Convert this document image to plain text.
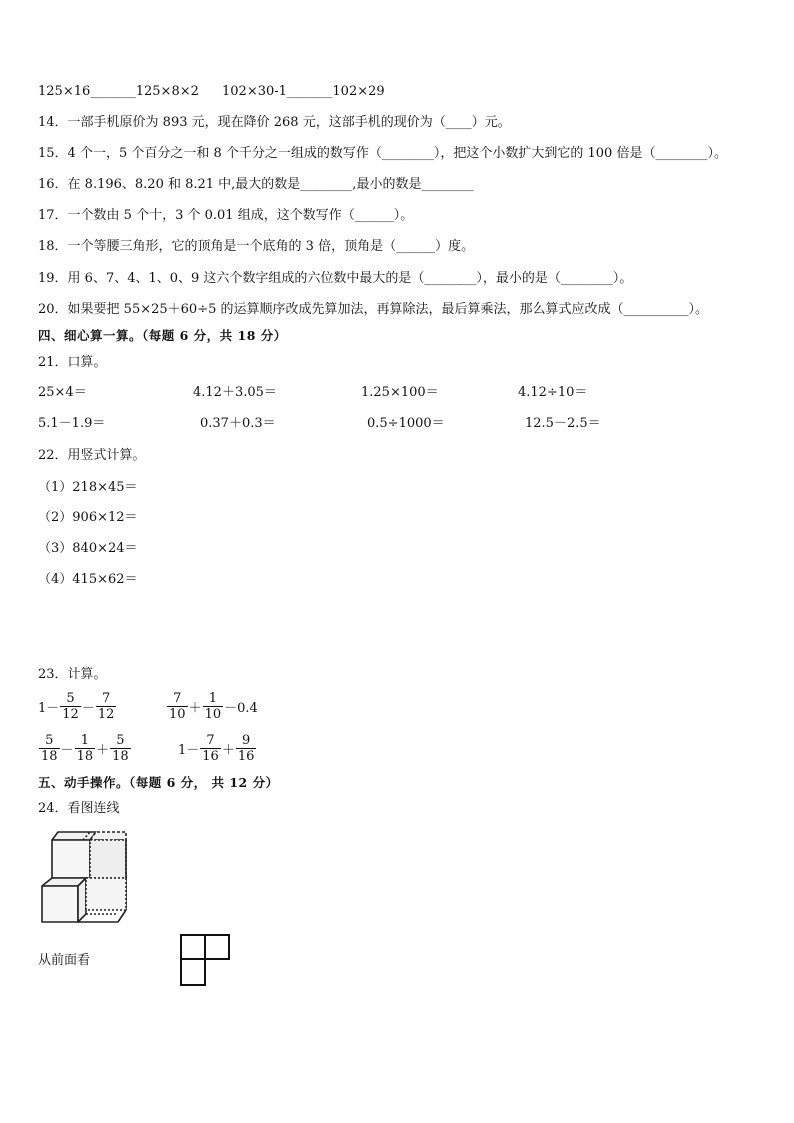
125×16_______125×8×2 102×30-1_______102×29
14．一部手机原价为 893 元，现在降价 268 元，这部手机的现价为（____）元。
15．4 个一，5 个百分之一和 8 个千分之一组成的数写作（________），把这个小数扩大到它的 100 倍是（________）。
16．在 8.196、8.20 和 8.21 中,最大的数是________,最小的数是________
17．一个数由 5 个十，3 个 0.01 组成，这个数写作（______）。
18．一个等腰三角形，它的顶角是一个底角的 3 倍，顶角是（______）度。
19．用 6、7、4、1、0、9 这六个数字组成的六位数中最大的是（________），最小的是（________）。
20．如果要把 55×25＋60÷5 的运算顺序改成先算加法，再算除法，最后算乘法，那么算式应改成（__________）。
四、细心算一算。（每题 6 分，共 18 分）
21．口算。
25×4＝	4.12＋3.05＝	1.25×100＝	4.12÷10＝
5.1－1.9＝	0.37＋0.3＝	0.5÷1000＝	12.5－2.5＝
22．用竖式计算。
（1）218×45＝
（2）906×12＝
（3）840×24＝
（4）415×62＝
23．计算。
$1- \frac{5}{12} - \frac{7}{12}$	$\frac{7}{10} + \frac{1}{10} -0.4$
$\frac{5}{18} - \frac{1}{18} + \frac{5}{18}$	$1- \frac{7}{16} + \frac{9}{16}$
五、动手操作。（每题 6 分， 共 12 分）
24．看图连线
从前面看
